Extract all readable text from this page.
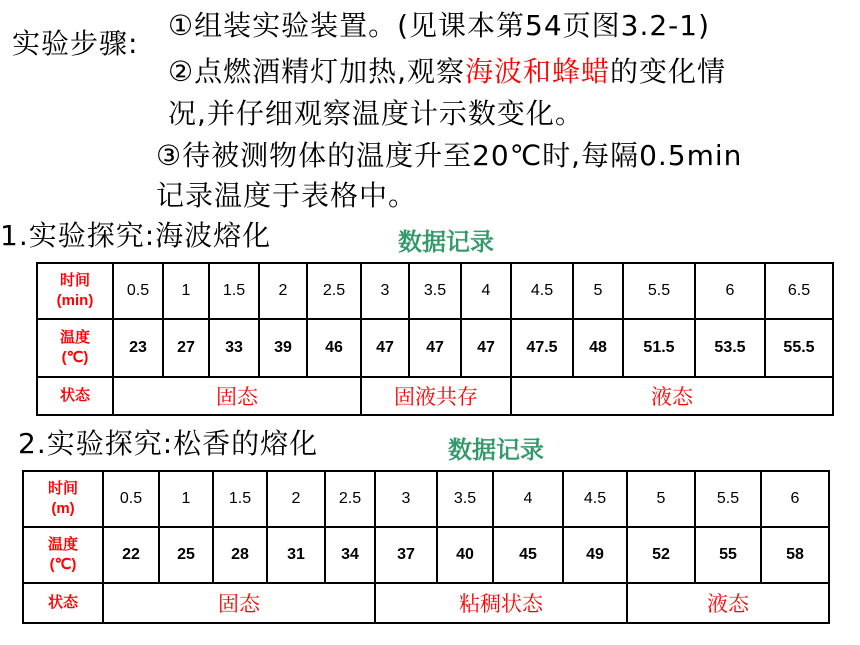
实验步骤:
①组装实验装置。(见课本第54页图3.2-1)
②点燃酒精灯加热,观察海波和蜂蜡的变化情
况,并仔细观察温度计示数变化。
③待被测物体的温度升至20℃时,每隔0.5min
记录温度于表格中。
1.实验探究:海波熔化	数据记录
时间
(min)	0.5	1	1.5	2	2.5	3	3.5	4	4.5	5	5.5	6	6.5
温度
(℃)	23	27	33	39	46	47	47	47	47.5	48	51.5	53.5	55.5
状态	固态					固液共存			液态				
2.实验探究:松香的熔化	数据记录
时间
(m)	0.5	1	1.5	2	2.5	3	3.5	4	4.5	5	5.5	6
温度
(℃)	22	25	28	31	34	37	40	45	49	52	55	58
状态	固态					粘稠状态				液态		
